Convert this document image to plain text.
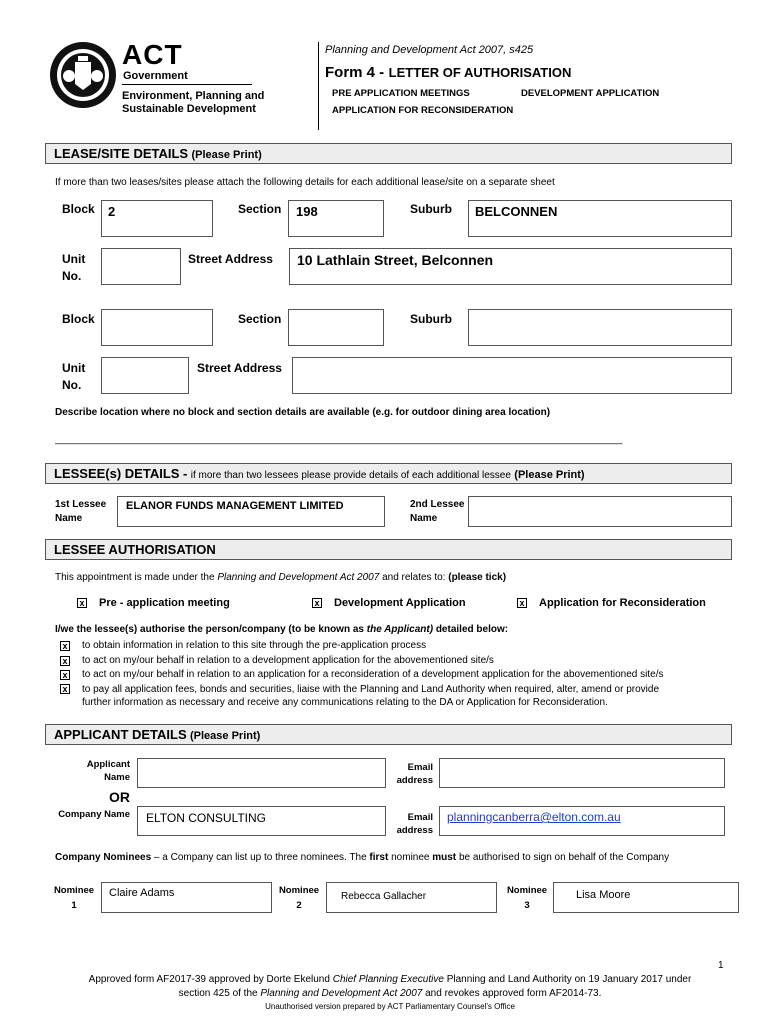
ACT
Government
Environment, Planning and
Sustainable Development
Planning and Development Act 2007, s425
Form 4 - LETTER OF AUTHORISATION
PRE APPLICATION MEETINGS	DEVELOPMENT APPLICATION
APPLICATION FOR RECONSIDERATION
LEASE/SITE DETAILS (Please Print)
If more than two leases/sites please attach the following details for each additional lease/site on a separate sheet
Block 2	Section 198	Suburb BELCONNEN
Unit
No.
Street Address 10 Lathlain Street, Belconnen
Block	Section	Suburb
Unit
No.
Street Address
Describe location where no block and section details are available (e.g. for outdoor dining area location)
______________________________________________________________________________________________________
LESSEE(s) DETAILS - if more than two lessees please provide details of each additional lessee (Please Print)
1st Lessee
Name
ELANOR FUNDS MANAGEMENT LIMITED	2nd Lessee
Name
LESSEE AUTHORISATION
This appointment is made under the Planning and Development Act 2007 and relates to: (please tick)
x Pre - application meeting	x Development Application	x Application for Reconsideration
I/we the lessee(s) authorise the person/company (to be known as the Applicant) detailed below:
x to obtain information in relation to this site through the pre-application process
x to act on my/our behalf in relation to a development application for the abovementioned site/s
x to act on my/our behalf in relation to an application for a reconsideration of a development application for the abovementioned site/s
x to pay all application fees, bonds and securities, liaise with the Planning and Land Authority when required, alter, amend or provide
further information as necessary and receive any communications relating to the DA or Application for Reconsideration.
APPLICANT DETAILS (Please Print)
Applicant
Name
Email
address
OR
Company Name ELTON CONSULTING	Email
address
planningcanberra@elton.com.au
Company Nominees – a Company can list up to three nominees. The first nominee must be authorised to sign on behalf of the Company
Nominee
1
Claire Adams	Nominee
2
Rebecca Gallacher
Nominee
3
Lisa Moore
1
Approved form AF2017-39 approved by Dorte Ekelund Chief Planning Executive Planning and Land Authority on 19 January 2017 under
section 425 of the Planning and Development Act 2007 and revokes approved form AF2014-73.
Unauthorised version prepared by ACT Parliamentary Counsel's Office
